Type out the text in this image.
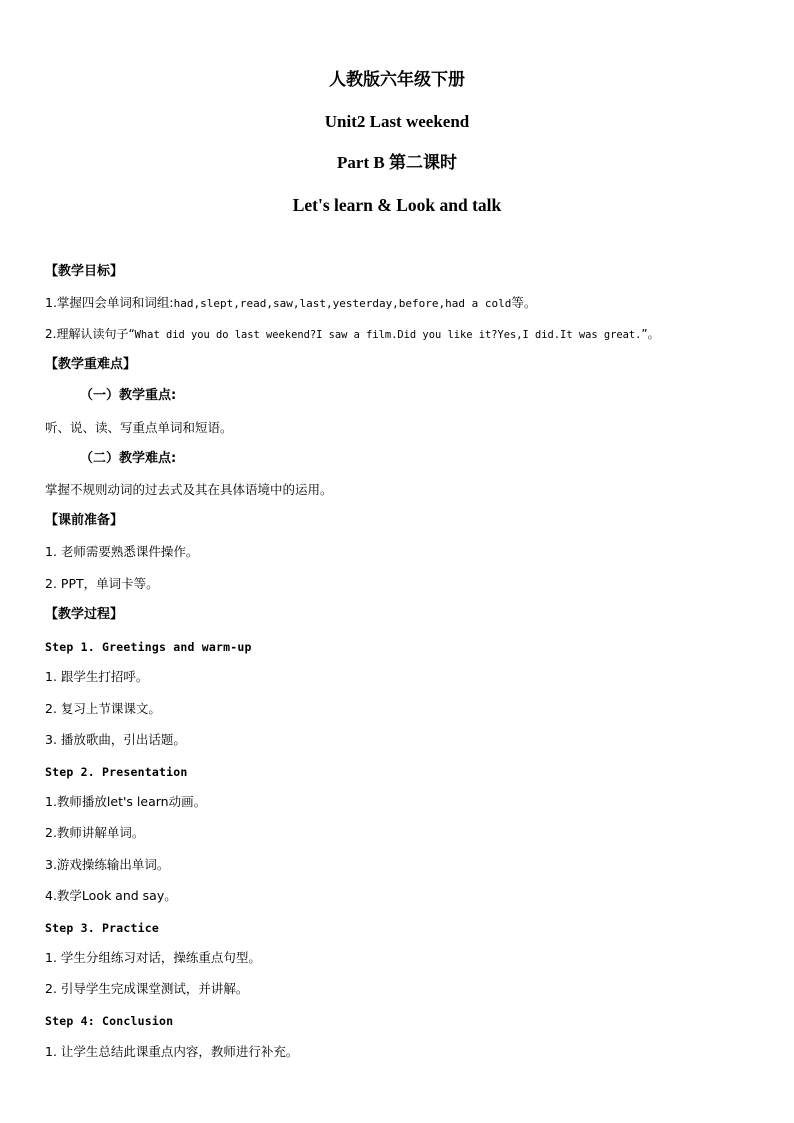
人教版六年级下册
Unit2 Last weekend
Part B 第二课时
Let's learn & Look and talk
【教学目标】
1.掌握四会单词和词组:had,slept,read,saw,last,yesterday,before,had a cold等。
2.理解认读句子“What did you do last weekend?I saw a film.Did you like it?Yes,I did.It was great.”。
【教学重难点】
（一）教学重点:
听、说、读、写重点单词和短语。
（二）教学难点:
掌握不规则动词的过去式及其在具体语境中的运用。
【课前准备】
1. 老师需要熟悉课件操作。
2. PPT，单词卡等。
【教学过程】
Step 1. Greetings and warm-up
1. 跟学生打招呼。
2. 复习上节课课文。
3. 播放歌曲，引出话题。
Step 2. Presentation
1.教师播放let's learn动画。
2.教师讲解单词。
3.游戏操练输出单词。
4.教学Look and say。
Step 3. Practice
1. 学生分组练习对话，操练重点句型。
2. 引导学生完成课堂测试，并讲解。
Step 4: Conclusion
1. 让学生总结此课重点内容，教师进行补充。
